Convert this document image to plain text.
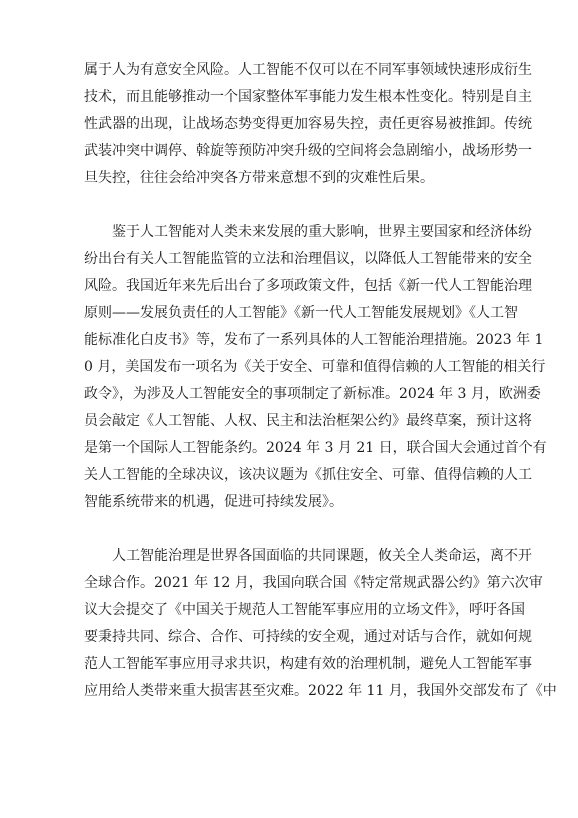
属于人为有意安全风险。人工智能不仅可以在不同军事领域快速形成衍生
技术，而且能够推动一个国家整体军事能力发生根本性变化。特别是自主
性武器的出现，让战场态势变得更加容易失控，责任更容易被推卸。传统
武装冲突中调停、斡旋等预防冲突升级的空间将会急剧缩小，战场形势一
旦失控，往往会给冲突各方带来意想不到的灾难性后果。
　　鉴于人工智能对人类未来发展的重大影响，世界主要国家和经济体纷
纷出台有关人工智能监管的立法和治理倡议，以降低人工智能带来的安全
风险。我国近年来先后出台了多项政策文件，包括《新一代人工智能治理
原则——发展负责任的人工智能》《新一代人工智能发展规划》《人工智
能标准化白皮书》等，发布了一系列具体的人工智能治理措施。2023 年 1
0 月，美国发布一项名为《关于安全、可靠和值得信赖的人工智能的相关行
政令》，为涉及人工智能安全的事项制定了新标准。2024 年 3 月，欧洲委
员会敲定《人工智能、人权、民主和法治框架公约》最终草案，预计这将
是第一个国际人工智能条约。2024 年 3 月 21 日，联合国大会通过首个有
关人工智能的全球决议，该决议题为《抓住安全、可靠、值得信赖的人工
智能系统带来的机遇，促进可持续发展》。
　　人工智能治理是世界各国面临的共同课题，攸关全人类命运，离不开
全球合作。2021 年 12 月，我国向联合国《特定常规武器公约》第六次审
议大会提交了《中国关于规范人工智能军事应用的立场文件》，呼吁各国
要秉持共同、综合、合作、可持续的安全观，通过对话与合作，就如何规
范人工智能军事应用寻求共识，构建有效的治理机制，避免人工智能军事
应用给人类带来重大损害甚至灾难。2022 年 11 月，我国外交部发布了《中
